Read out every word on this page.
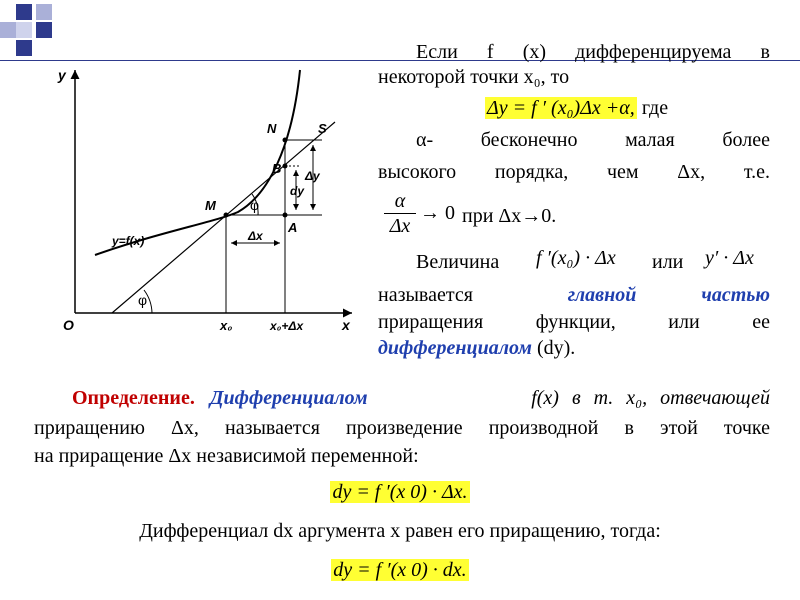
y
x
O
y=f(x)
M
N	S
B
A
φ
φ
dy
Δy
Δx
x₀	x₀+Δx
Если f (x) дифференцируема в
некоторой точки x₀, то
Δy = f ′ (x₀)Δx +α, где
α- бесконечно малая более
высокого порядка, чем Δx, т.е.
α
Δx
→ 0 при Δx→0.
Величина f ′(x₀) · Δx или y′ · Δx
называется	главной частью
приращения функции, или ее
дифференциалом (dy).
Определение. Дифференциалом	f(x) в т. x₀, отвечающей
приращению Δx, называется произведение производной в этой точке
на приращение Δx независимой переменной:
dy = f ′(x 0) · Δx.
Дифференциал dx аргумента x равен его приращению, тогда:
dy = f ′(x 0) · dx.
